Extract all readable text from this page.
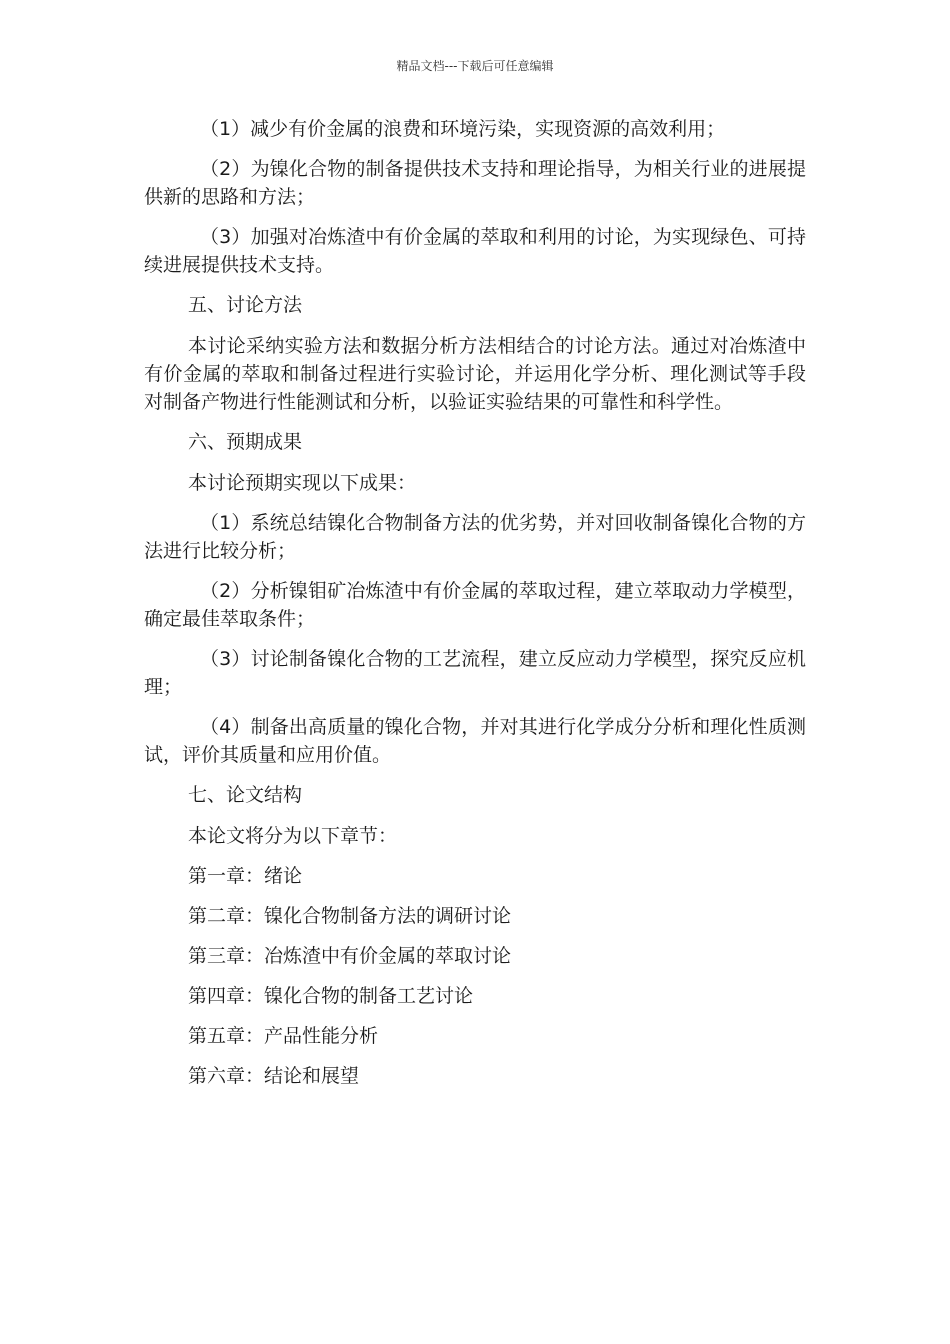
精品文档---下载后可任意编辑

（1）减少有价金属的浪费和环境污染，实现资源的高效利用；

（2）为镍化合物的制备提供技术支持和理论指导，为相关行业的进展提供新的思路和方法；

（3）加强对冶炼渣中有价金属的萃取和利用的讨论，为实现绿色、可持续进展提供技术支持。

五、讨论方法

本讨论采纳实验方法和数据分析方法相结合的讨论方法。通过对冶炼渣中有价金属的萃取和制备过程进行实验讨论，并运用化学分析、理化测试等手段对制备产物进行性能测试和分析，以验证实验结果的可靠性和科学性。

六、预期成果

本讨论预期实现以下成果：

（1）系统总结镍化合物制备方法的优劣势，并对回收制备镍化合物的方法进行比较分析；

（2）分析镍钼矿冶炼渣中有价金属的萃取过程，建立萃取动力学模型，确定最佳萃取条件；

（3）讨论制备镍化合物的工艺流程，建立反应动力学模型，探究反应机理；

（4）制备出高质量的镍化合物，并对其进行化学成分分析和理化性质测试，评价其质量和应用价值。

七、论文结构

本论文将分为以下章节：

第一章：绪论

第二章：镍化合物制备方法的调研讨论

第三章：冶炼渣中有价金属的萃取讨论

第四章：镍化合物的制备工艺讨论

第五章：产品性能分析

第六章：结论和展望
